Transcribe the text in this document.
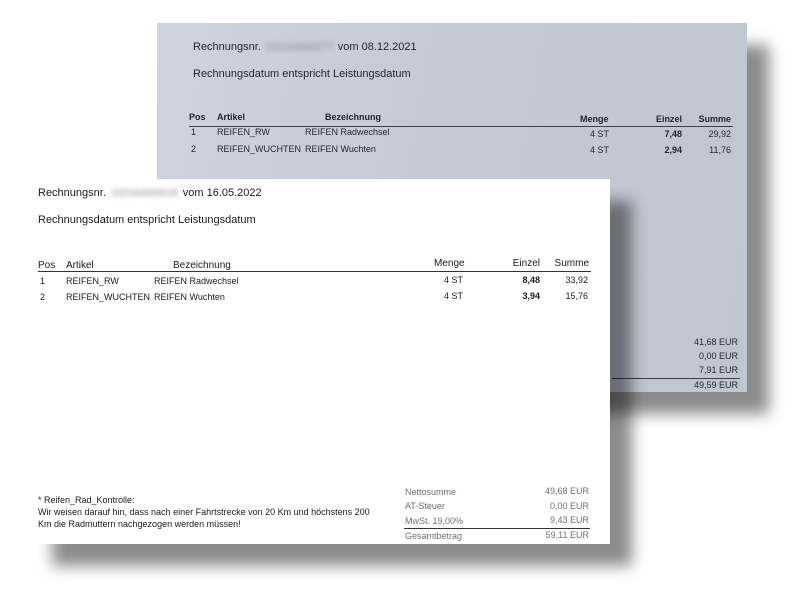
Rechnungsnr. 102164000277 vom 08.12.2021
Rechnungsdatum entspricht Leistungsdatum
Pos Artikel	Bezeichnung	Menge	Einzel	Summe
1 REIFEN_RW	REIFEN Radwechsel	4 ST	7,48	29,92
2 REIFEN_WUCHTEN REIFEN Wuchten	4 ST	2,94	11,76
41,68 EUR
0,00 EUR
7,91 EUR
49,59 EUR
Rechnungsnr. 102164000018 vom 16.05.2022
Rechnungsdatum entspricht Leistungsdatum
Pos Artikel	Bezeichnung	Menge	Einzel	Summe
1 REIFEN_RW	REIFEN Radwechsel	4 ST	8,48	33,92
2 REIFEN_WUCHTEN REIFEN Wuchten	4 ST	3,94	15,76
* Reifen_Rad_Kontrolle:
Wir weisen darauf hin, dass nach einer Fahrtstrecke von 20 Km und höchstens 200
Km die Radmuttern nachgezogen werden müssen!
Nettosumme	49,68 EUR
AT-Steuer	0,00 EUR
MwSt. 19,00%	9,43 EUR
Gesamtbetrag	59,11 EUR
